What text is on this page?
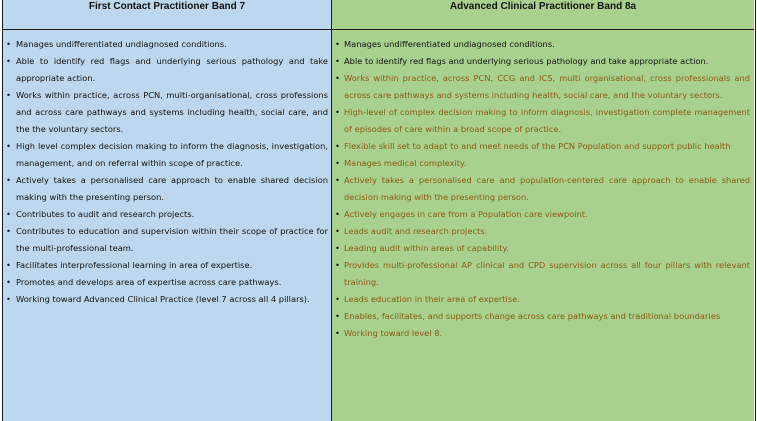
First Contact Practitioner Band 7
• Manages undifferentiated undiagnosed conditions.
• Able to identify red flags and underlying serious pathology and take appropriate action.
• Works within practice, across PCN, multi-organisational, cross professions and across care pathways and systems including health, social care, and the the voluntary sectors.
• High level complex decision making to inform the diagnosis, investigation, management, and on referral within scope of practice.
• Actively takes a personalised care approach to enable shared decision making with the presenting person.
• Contributes to audit and research projects.
• Contributes to education and supervision within their scope of practice for the multi-professional team.
• Facilitates interprofessional learning in area of expertise.
• Promotes and develops area of expertise across care pathways.
• Working toward Advanced Clinical Practice (level 7 across all 4 pillars).
Advanced Clinical Practitioner Band 8a
• Manages undifferentiated undiagnosed conditions.
• Able to identify red flags and underlying serious pathology and take appropriate action.
• Works within practice, across PCN, CCG and ICS, multi organisational, cross professionals and across care pathways and systems including health, social care, and the voluntary sectors.
• High-level of complex decision making to inform diagnosis, investigation complete management of episodes of care within a broad scope of practice.
• Flexible skill set to adapt to and meet needs of the PCN Population and support public health
• Manages medical complexity.
• Actively takes a personalised care and population-centered care approach to enable shared decision making with the presenting person.
• Actively engages in care from a Population care viewpoint.
• Leads audit and research projects.
• Leading audit within areas of capability.
• Provides multi-professional AP clinical and CPD supervision across all four pillars with relevant training.
• Leads education in their area of expertise.
• Enables, facilitates, and supports change across care pathways and traditional boundaries
• Working toward level 8.
